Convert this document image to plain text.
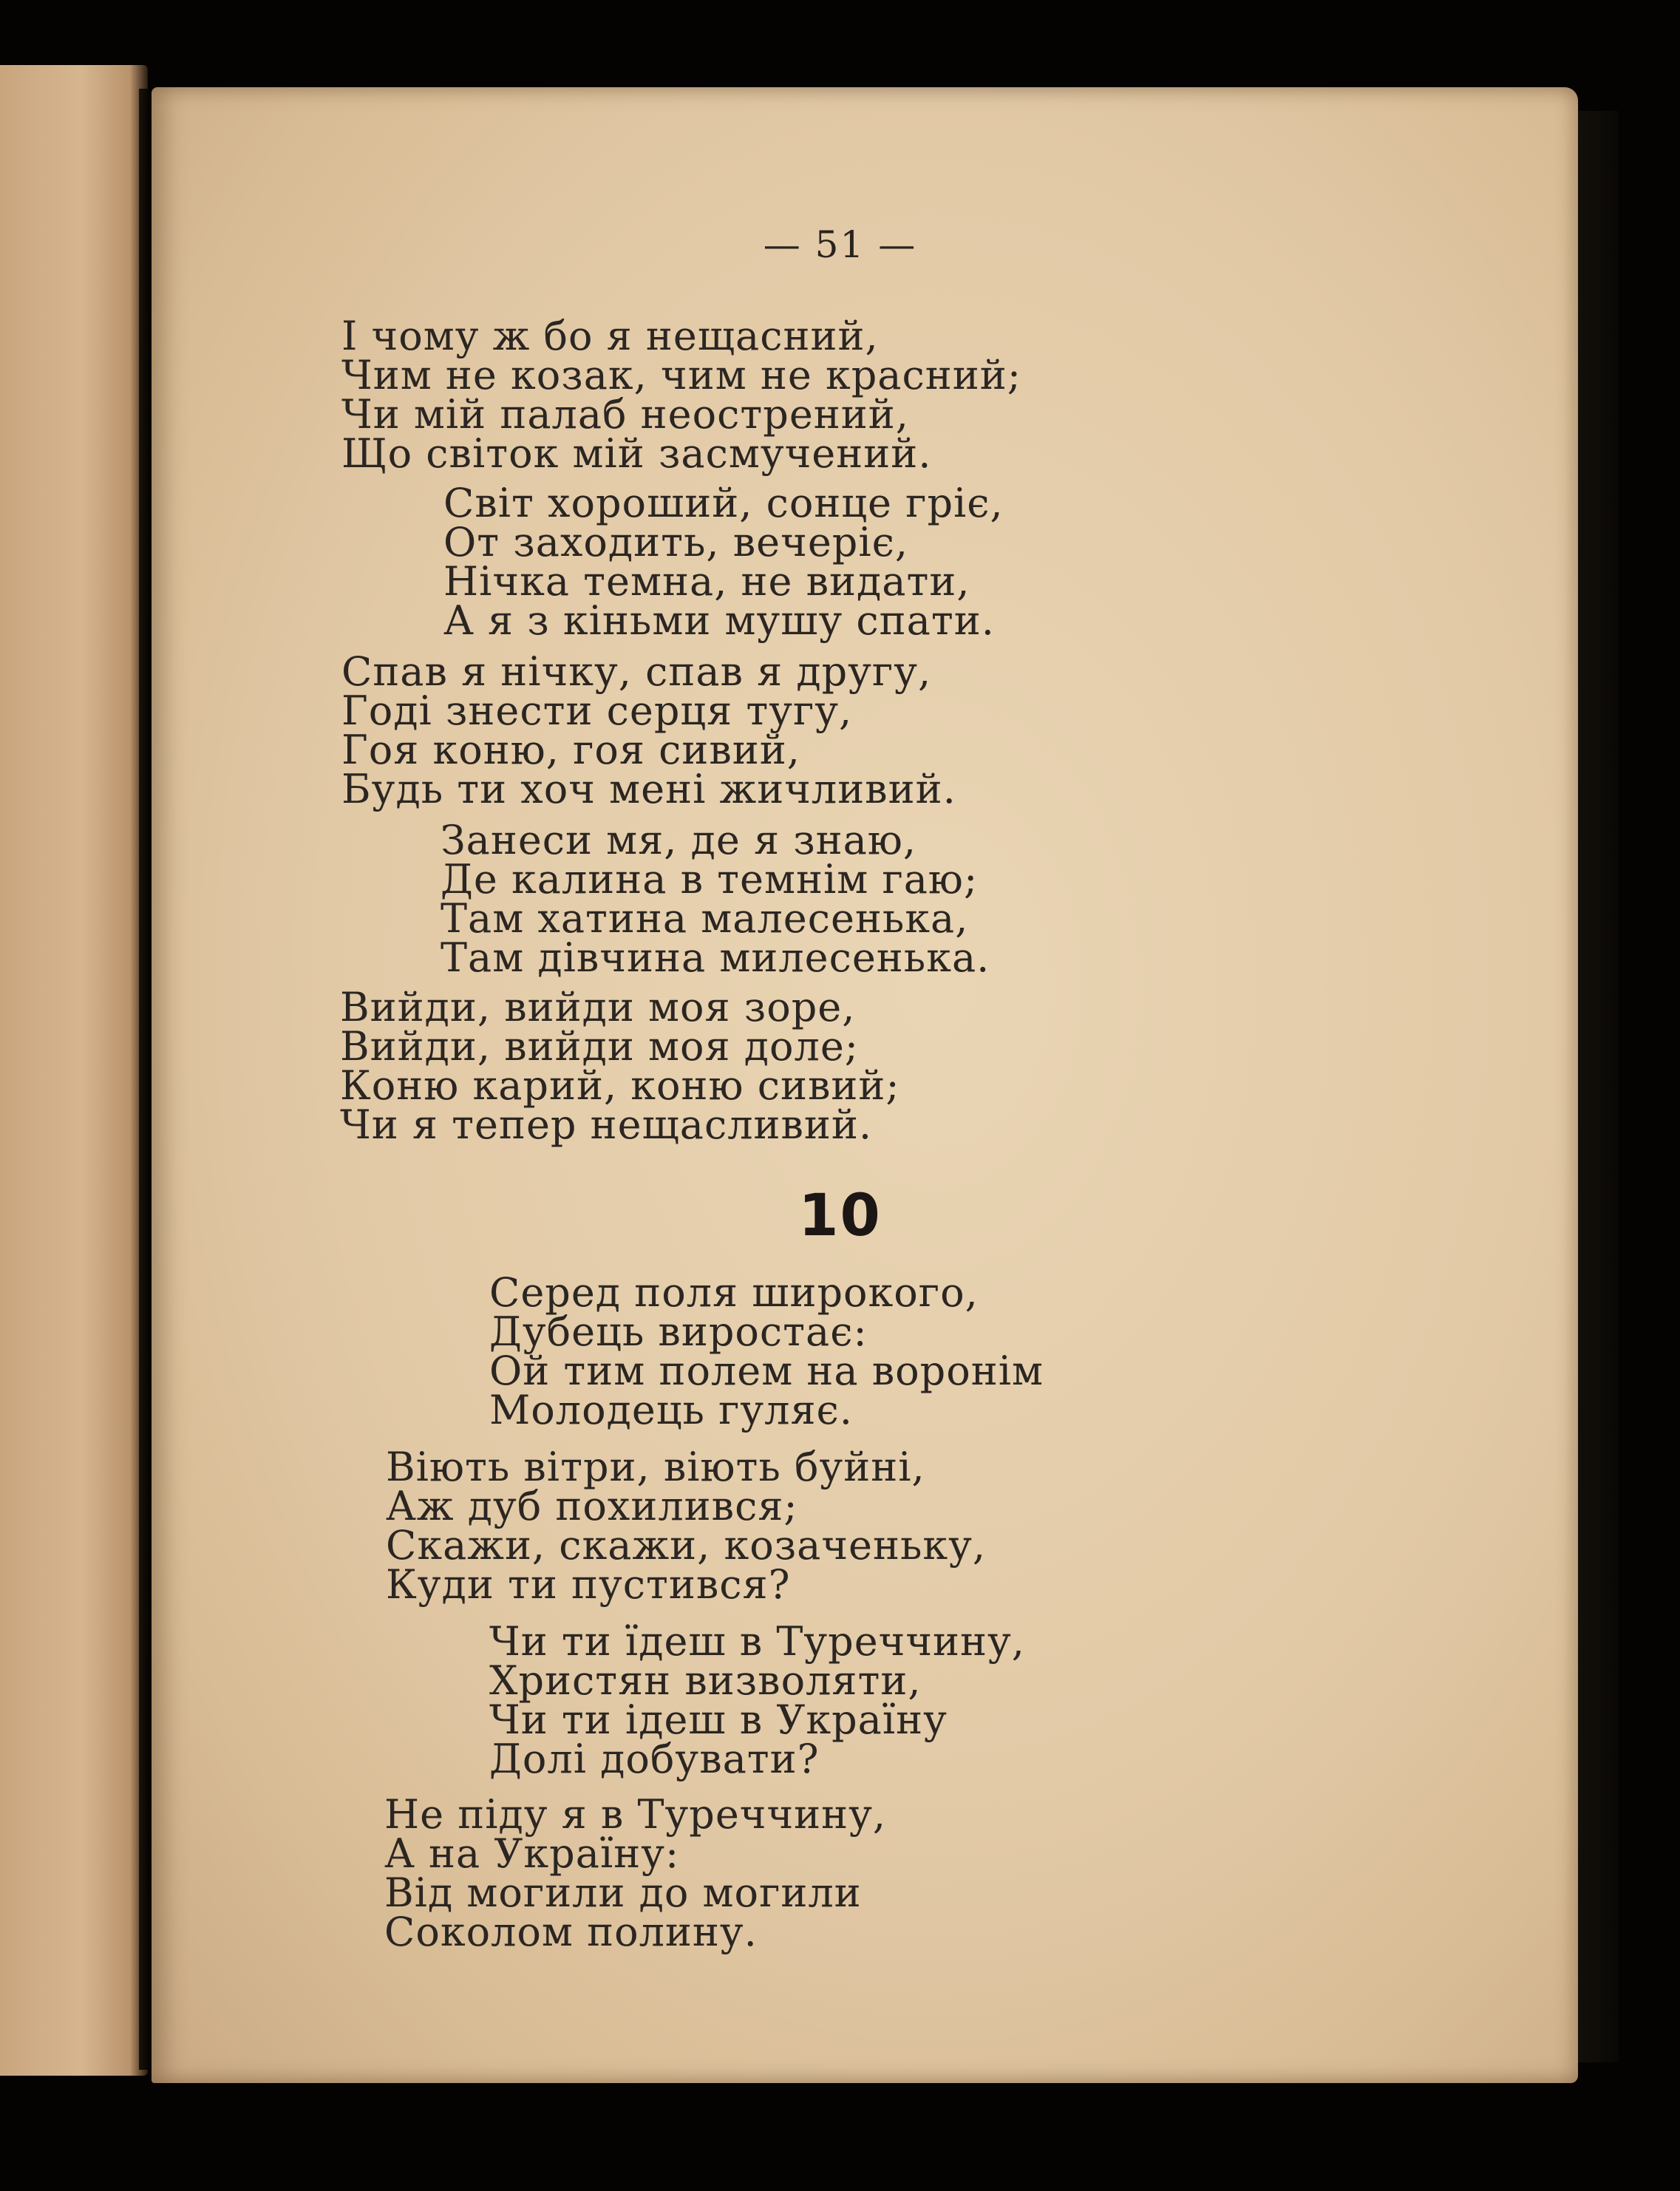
— 51 —
І чому ж бо я нещасний,
Чим не козак, чим не красний;
Чи мій палаб неострений,
Що світок мій засмучений.
Світ хороший, сонце гріє,
От заходить, вечеріє,
Нічка темна, не видати,
А я з кіньми мушу спати.
Спав я нічку, спав я другу,
Годі знести серця тугу,
Гоя коню, гоя сивий,
Будь ти хоч мені жичливий.
Занеси мя, де я знаю,
Де калина в темнім гаю;
Там хатина малесенька,
Там дівчина милесенька.
Вийди, вийди моя зоре,
Вийди, вийди моя доле;
Коню карий, коню сивий;
Чи я тепер нещасливий.
10
Серед поля широкого,
Дубець виростає:
Ой тим полем на воронім
Молодець гуляє.
Віють вітри, віють буйні,
Аж дуб похилився;
Скажи, скажи, козаченьку,
Куди ти пустився?
Чи ти їдеш в Туреччину,
Христян визволяти,
Чи ти ідеш в Україну
Долі добувати?
Не піду я в Туреччину,
А на Україну:
Від могили до могили
Соколом полину.
